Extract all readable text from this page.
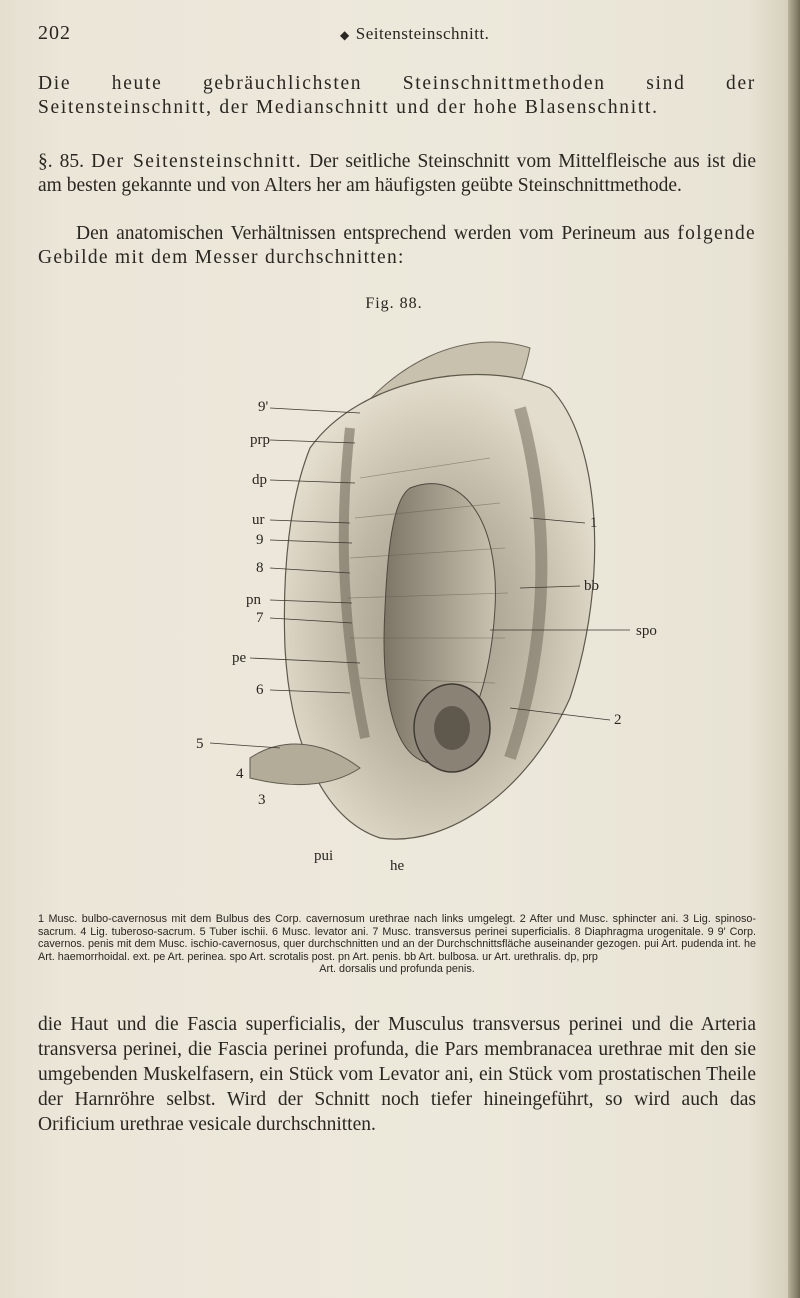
202	◆ Seitensteinschnitt.

Die heute gebräuchlichsten Steinschnittmethoden sind der Seitensteinschnitt, der Medianschnitt und der hohe Blasenschnitt.

§. 85. Der Seitensteinschnitt. Der seitliche Steinschnitt vom Mittelfleische aus ist die am besten gekannte und von Alters her am häufigsten geübte Steinschnittmethode.

Den anatomischen Verhältnissen entsprechend werden vom Perineum aus folgende Gebilde mit dem Messer durchschnitten:

Fig. 88.
9'
prp
dp
ur
9
8
pn
7
pe
6
5
4
3
1
bb
spo
2
pui
he
1 Musc. bulbo-cavernosus mit dem Bulbus des Corp. cavernosum urethrae nach links umgelegt. 2 After und Musc. sphincter ani. 3 Lig. spinoso-sacrum. 4 Lig. tuberoso-sacrum. 5 Tuber ischii. 6 Musc. levator ani. 7 Musc. transversus perinei superficialis. 8 Diaphragma urogenitale. 9 9' Corp. cavernos. penis mit dem Musc. ischio-cavernosus, quer durchschnitten und an der Durchschnittsfläche auseinander gezogen. pui Art. pudenda int. he Art. haemorrhoidal. ext. pe Art. perinea. spo Art. scrotalis post. pn Art. penis. bb Art. bulbosa. ur Art. urethralis. dp, prp
Art. dorsalis und profunda penis.

die Haut und die Fascia superficialis, der Musculus transversus perinei und die Arteria transversa perinei, die Fascia perinei profunda, die Pars membranacea urethrae mit den sie umgebenden Muskelfasern, ein Stück vom Levator ani, ein Stück vom prostatischen Theile der Harnröhre selbst. Wird der Schnitt noch tiefer hineingeführt, so wird auch das Orificium urethrae vesicale durchschnitten.
